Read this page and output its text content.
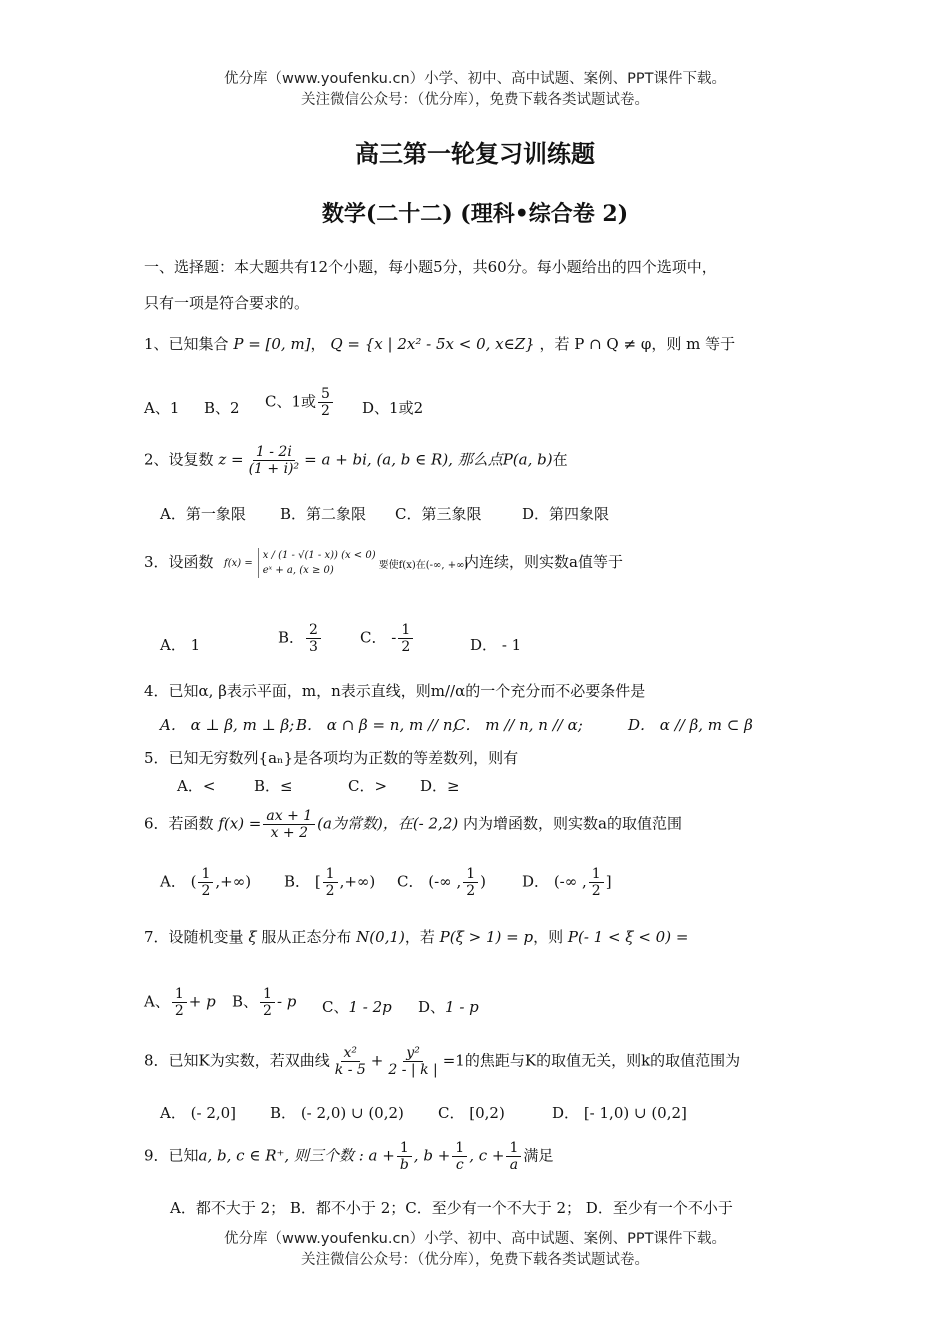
优分库（www.youfenku.cn）小学、初中、高中试题、案例、PPT课件下载。
关注微信公众号：（优分库），免费下载各类试题试卷。
高三第一轮复习训练题
数学(二十二) (理科•综合卷 2)
一、选择题：本大题共有12个小题，每小题5分，共60分。每小题给出的四个选项中，
只有一项是符合要求的。
1、已知集合 P = [0, m]， Q = {x | 2x² - 5x < 0, x∈Z} ，若 P ∩ Q ≠ φ，则 m 等于
A、1 B、2 C、1或 $\frac{5}{2}$ D、1或2
2、设复数 $z = \frac{1 - 2i}{\text{(1 + i)²}} = a$ + bi, (a, b ∈ R), 那么点P(a, b)在
A．第一象限 B．第二象限 C．第三象限	D．第四象限
3．设函数 f(x) =
x / (1 - √(1 - x)) (x < 0)
eˣ + a, (x ≥ 0)	要使f(x)在(-∞, +∞)
内连续，则实数a值等于
A． 1	B． $\frac{2}{3}$	C． - $\frac{1}{2}$	D． - 1
4．已知α, β表示平面，m，n表示直线，则m//α的一个充分而不必要条件是
A． α ⊥ β, m ⊥ β; B． α ∩ β = n, m // n;
C． m // n, n // α;	D． α // β, m ⊂ β
5．已知无穷数列{aₙ}是各项均为正数的等差数列，则有
A．<	B．≤	C．> D．≥
6．若函数 $f(x) = \frac{ax + 1}{x + 2} (a$为常数)，在(- 2,2) 内为增函数，则实数a的取值范围
A． ( $\frac{1}{2}$ ,+∞) B． [ $\frac{1}{2}$ ,+∞) C． (-∞ , $\frac{1}{2}$ ) D． (-∞ , $\frac{1}{2}$ ]
7．设随机变量 ξ 服从正态分布 N(0,1)，若 P(ξ > 1) = p，则 P(- 1 < ξ < 0) =
A、 $\frac{1}{2} + p$ B、 $\frac{1}{2}$ - p C、1 - 2p D、1 - p
8．已知K为实数，若双曲线 $\frac{\text{x²}}{k - 5} + \frac{\text{y²}}{2 - | k |} =1$的焦距与K的取值无关，则k的取值范围为
A． (- 2,0] B． (- 2,0) ∪ (0,2) C． [0,2)	D． [- 1,0) ∪ (0,2]
9．已知a, b, c ∈ R⁺, 则三个数 : $a + \frac{1}{b}$ , $b + \frac{1}{c}$ , $c + \frac{1}{a}$ 满足
A．都不大于 2； B．都不小于 2；C．至少有一个不大于 2； D．至少有一个不小于
优分库（www.youfenku.cn）小学、初中、高中试题、案例、PPT课件下载。
关注微信公众号：（优分库），免费下载各类试题试卷。
